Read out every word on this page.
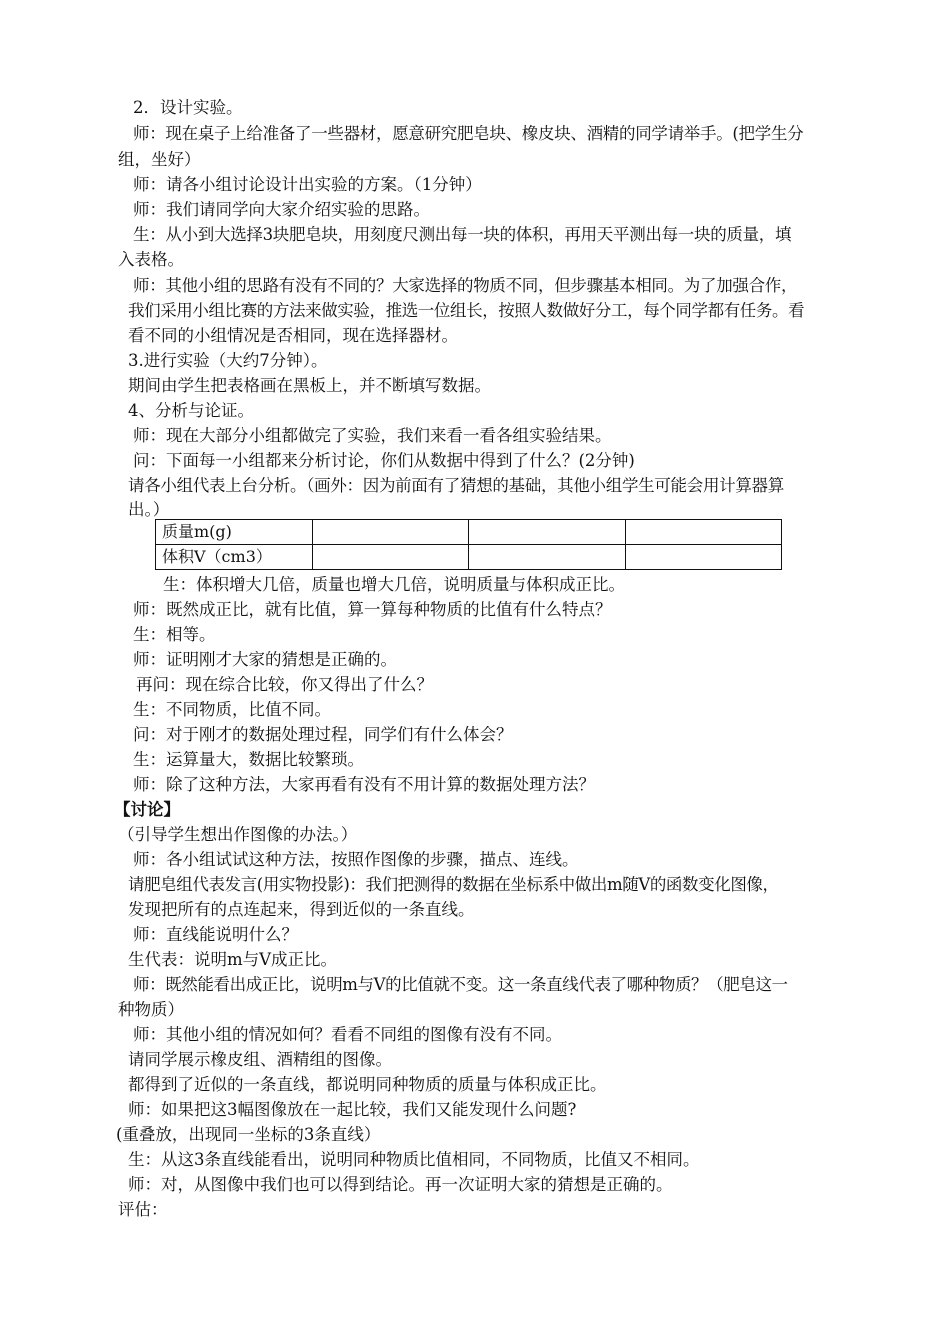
2．设计实验。
师：现在桌子上给准备了一些器材，愿意研究肥皂块、橡皮块、酒精的同学请举手。(把学生分
组，坐好）
师：请各小组讨论设计出实验的方案。（1分钟）
师：我们请同学向大家介绍实验的思路。
生：从小到大选择3块肥皂块，用刻度尺测出每一块的体积，再用天平测出每一块的质量，填
入表格。
师：其他小组的思路有没有不同的？大家选择的物质不同，但步骤基本相同。为了加强合作，
我们采用小组比赛的方法来做实验，推选一位组长，按照人数做好分工，每个同学都有任务。看
看不同的小组情况是否相同，现在选择器材。
3.进行实验（大约7分钟）。
期间由学生把表格画在黑板上，并不断填写数据。
4、分析与论证。
师：现在大部分小组都做完了实验，我们来看一看各组实验结果。
问：下面每一小组都来分析讨论，你们从数据中得到了什么？(2分钟)
请各小组代表上台分析。（画外：因为前面有了猜想的基础，其他小组学生可能会用计算器算
出。）
质量m(g)			
体积V（cm3）			
生：体积增大几倍，质量也增大几倍，说明质量与体积成正比。
师：既然成正比，就有比值，算一算每种物质的比值有什么特点？
生：相等。
师：证明刚才大家的猜想是正确的。
再问：现在综合比较，你又得出了什么？
生：不同物质，比值不同。
问：对于刚才的数据处理过程，同学们有什么体会？
生：运算量大，数据比较繁琐。
师：除了这种方法，大家再看有没有不用计算的数据处理方法？
【讨论】
（引导学生想出作图像的办法。）
师：各小组试试这种方法，按照作图像的步骤，描点、连线。
请肥皂组代表发言(用实物投影)：我们把测得的数据在坐标系中做出m随V的函数变化图像，
发现把所有的点连起来，得到近似的一条直线。
师：直线能说明什么？
生代表：说明m与V成正比。
师：既然能看出成正比，说明m与V的比值就不变。这一条直线代表了哪种物质？（肥皂这一
种物质）
师：其他小组的情况如何？看看不同组的图像有没有不同。
请同学展示橡皮组、酒精组的图像。
都得到了近似的一条直线，都说明同种物质的质量与体积成正比。
师：如果把这3幅图像放在一起比较，我们又能发现什么问题?
(重叠放，出现同一坐标的3条直线）
生：从这3条直线能看出，说明同种物质比值相同，不同物质，比值又不相同。
师：对，从图像中我们也可以得到结论。再一次证明大家的猜想是正确的。
评估：
